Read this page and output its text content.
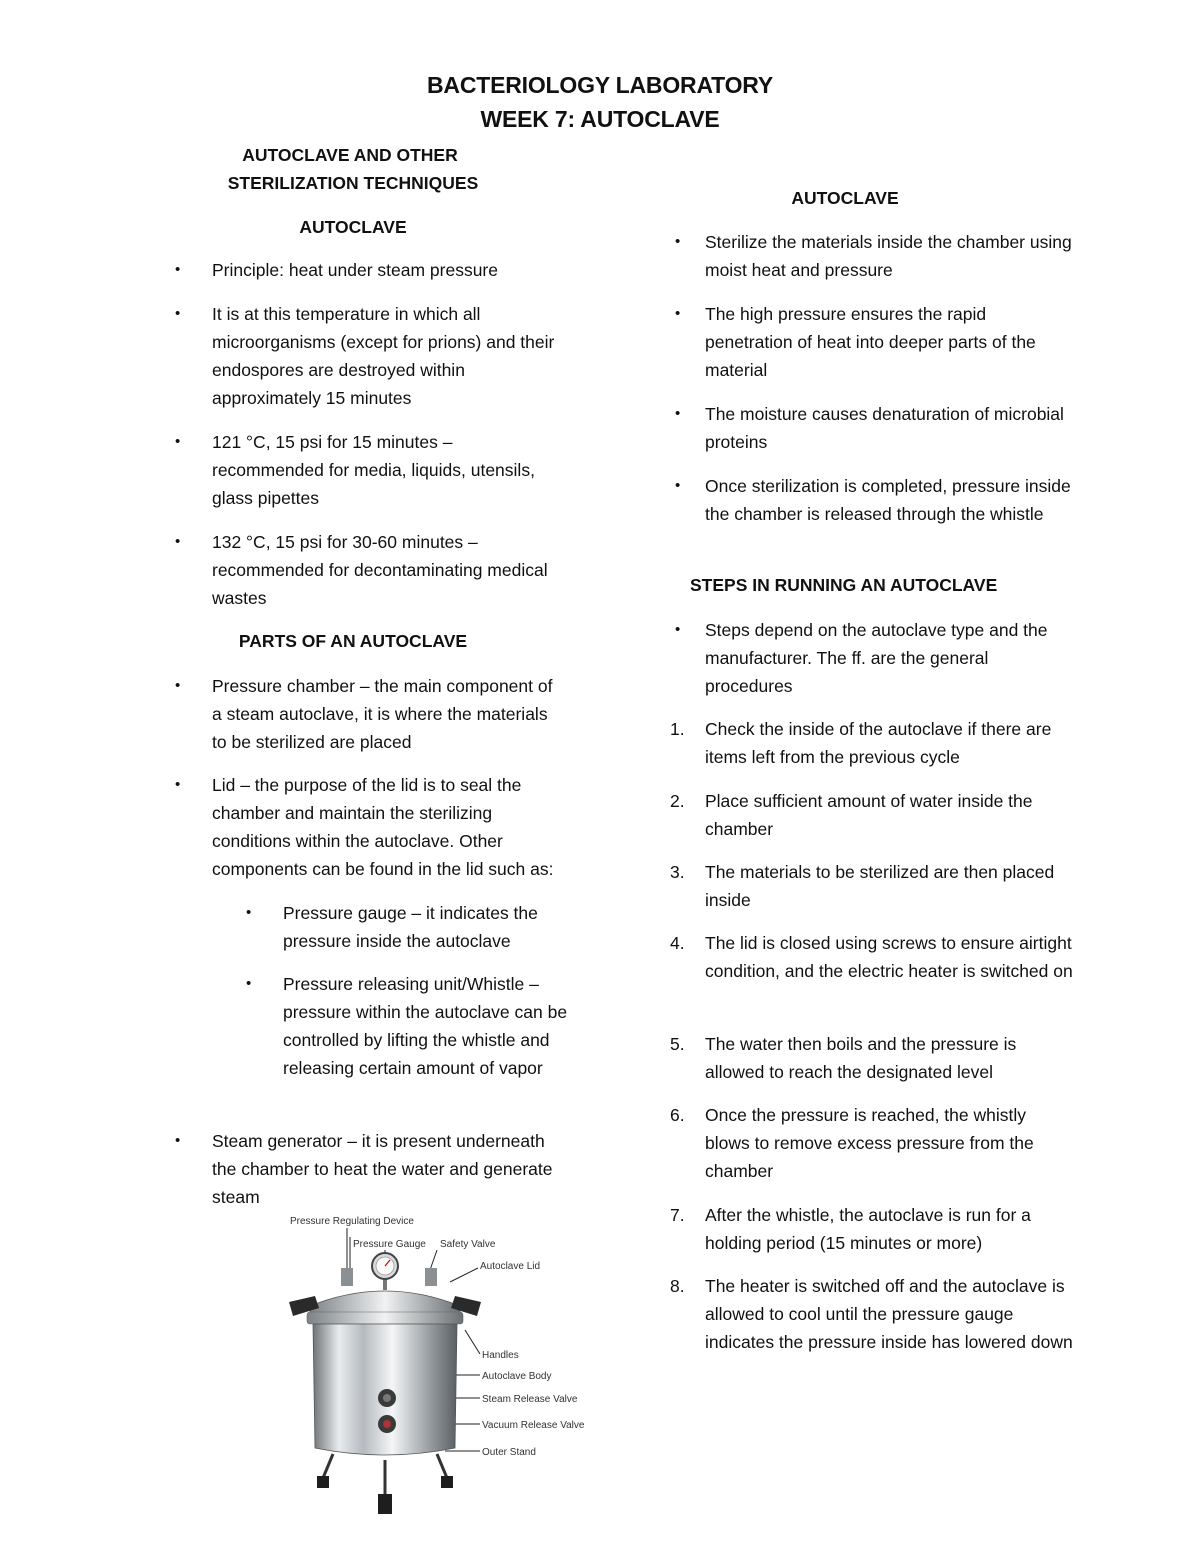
BACTERIOLOGY LABORATORY
WEEK 7: AUTOCLAVE
AUTOCLAVE AND OTHER
STERILIZATION TECHNIQUES
AUTOCLAVE
• Principle: heat under steam pressure
• It is at this temperature in which all microorganisms (except for prions) and their endospores are destroyed within approximately 15 minutes
• 121 °C, 15 psi for 15 minutes – recommended for media, liquids, utensils, glass pipettes
• 132 °C, 15 psi for 30-60 minutes – recommended for decontaminating medical wastes
PARTS OF AN AUTOCLAVE
• Pressure chamber – the main component of a steam autoclave, it is where the materials to be sterilized are placed
• Lid – the purpose of the lid is to seal the chamber and maintain the sterilizing conditions within the autoclave. Other components can be found in the lid such as:
• Pressure gauge – it indicates the pressure inside the autoclave
• Pressure releasing unit/Whistle – pressure within the autoclave can be controlled by lifting the whistle and releasing certain amount of vapor
• Steam generator – it is present underneath the chamber to heat the water and generate steam
Pressure Regulating Device
Pressure Gauge Safety Valve
Autoclave Lid
Handles
Autoclave Body
Steam Release Valve
Vacuum Release Valve
Outer Stand
AUTOCLAVE
• Sterilize the materials inside the chamber using moist heat and pressure
• The high pressure ensures the rapid penetration of heat into deeper parts of the material
• The moisture causes denaturation of microbial proteins
• Once sterilization is completed, pressure inside the chamber is released through the whistle
STEPS IN RUNNING AN AUTOCLAVE
• Steps depend on the autoclave type and the manufacturer. The ff. are the general procedures
1. Check the inside of the autoclave if there are items left from the previous cycle
2. Place sufficient amount of water inside the chamber
3. The materials to be sterilized are then placed inside
4. The lid is closed using screws to ensure airtight condition, and the electric heater is switched on
5. The water then boils and the pressure is allowed to reach the designated level
6. Once the pressure is reached, the whistly blows to remove excess pressure from the chamber
7. After the whistle, the autoclave is run for a holding period (15 minutes or more)
8. The heater is switched off and the autoclave is allowed to cool until the pressure gauge indicates the pressure inside has lowered down
